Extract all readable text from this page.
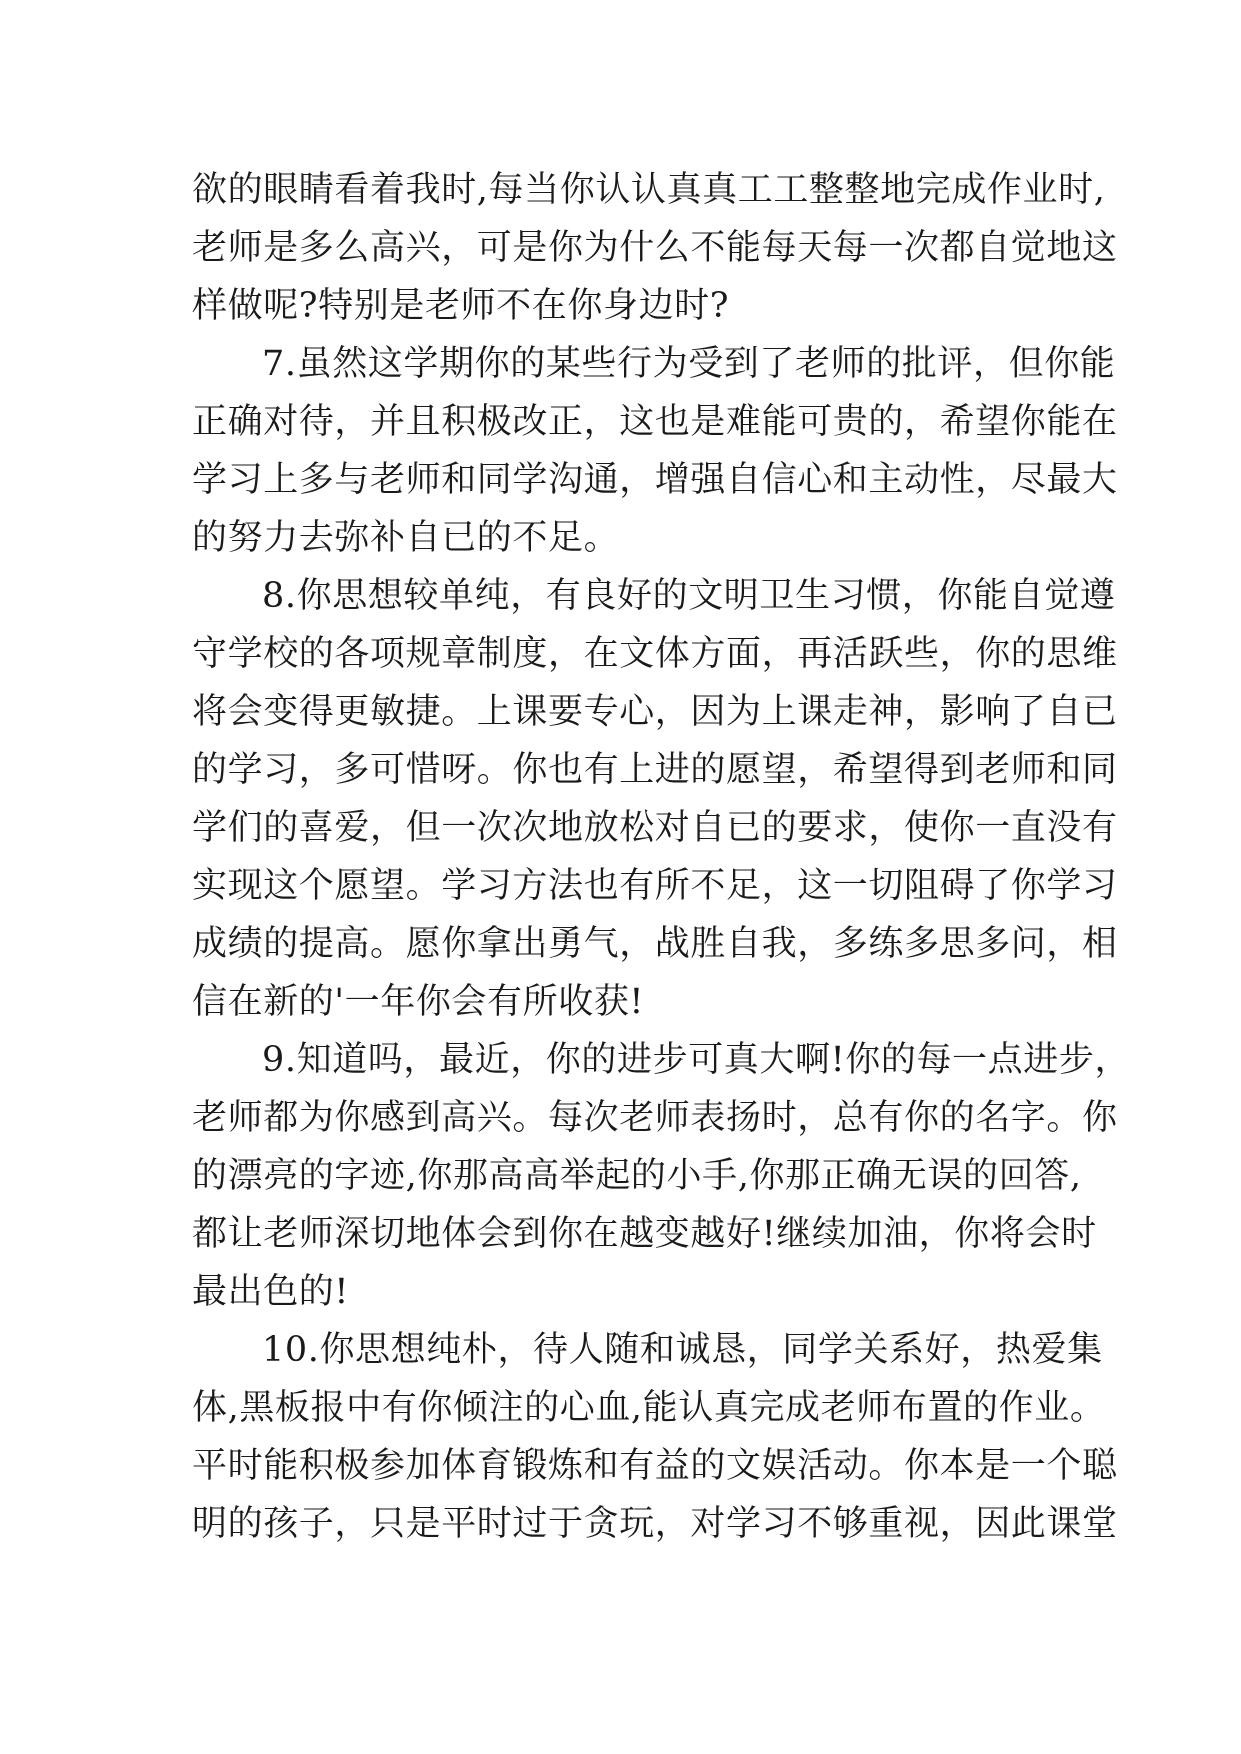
欲的眼睛看着我时,每当你认认真真工工整整地完成作业时,
老师是多么高兴，可是你为什么不能每天每一次都自觉地这
样做呢?特别是老师不在你身边时?
7.虽然这学期你的某些行为受到了老师的批评，但你能
正确对待，并且积极改正，这也是难能可贵的，希望你能在
学习上多与老师和同学沟通，增强自信心和主动性，尽最大
的努力去弥补自已的不足。
8.你思想较单纯，有良好的文明卫生习惯，你能自觉遵
守学校的各项规章制度，在文体方面，再活跃些，你的思维
将会变得更敏捷。上课要专心，因为上课走神，影响了自已
的学习，多可惜呀。你也有上进的愿望，希望得到老师和同
学们的喜爱，但一次次地放松对自已的要求，使你一直没有
实现这个愿望。学习方法也有所不足，这一切阻碍了你学习
成绩的提高。愿你拿出勇气，战胜自我，多练多思多问，相
信在新的'一年你会有所收获!
9.知道吗，最近，你的进步可真大啊!你的每一点进步，
老师都为你感到高兴。每次老师表扬时，总有你的名字。你
的漂亮的字迹,你那高高举起的小手,你那正确无误的回答,
都让老师深切地体会到你在越变越好!继续加油，你将会时
最出色的!
10.你思想纯朴，待人随和诚恳，同学关系好，热爱集
体,黑板报中有你倾注的心血,能认真完成老师布置的作业。
平时能积极参加体育锻炼和有益的文娱活动。你本是一个聪
明的孩子，只是平时过于贪玩，对学习不够重视，因此课堂
